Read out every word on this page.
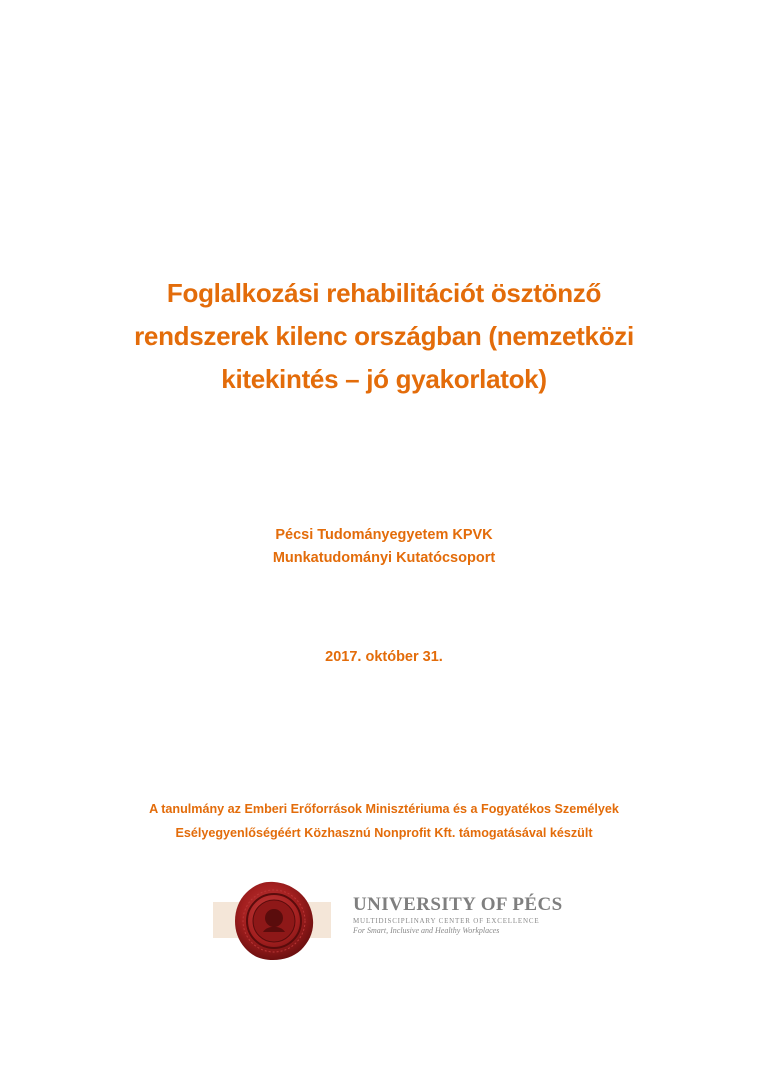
Foglalkozási rehabilitációt ösztönző
rendszerek kilenc országban (nemzetközi
kitekintés – jó gyakorlatok)
Pécsi Tudományegyetem KPVK
Munkatudományi Kutatócsoport
2017. október 31.
A tanulmány az Emberi Erőforrások Minisztériuma és a Fogyatékos Személyek
Esélyegyenlőségéért Közhasznú Nonprofit Kft. támogatásával készült
UNIVERSITY OF PÉCS
MULTIDISCIPLINARY CENTER OF EXCELLENCE
For Smart, Inclusive and Healthy Workplaces
